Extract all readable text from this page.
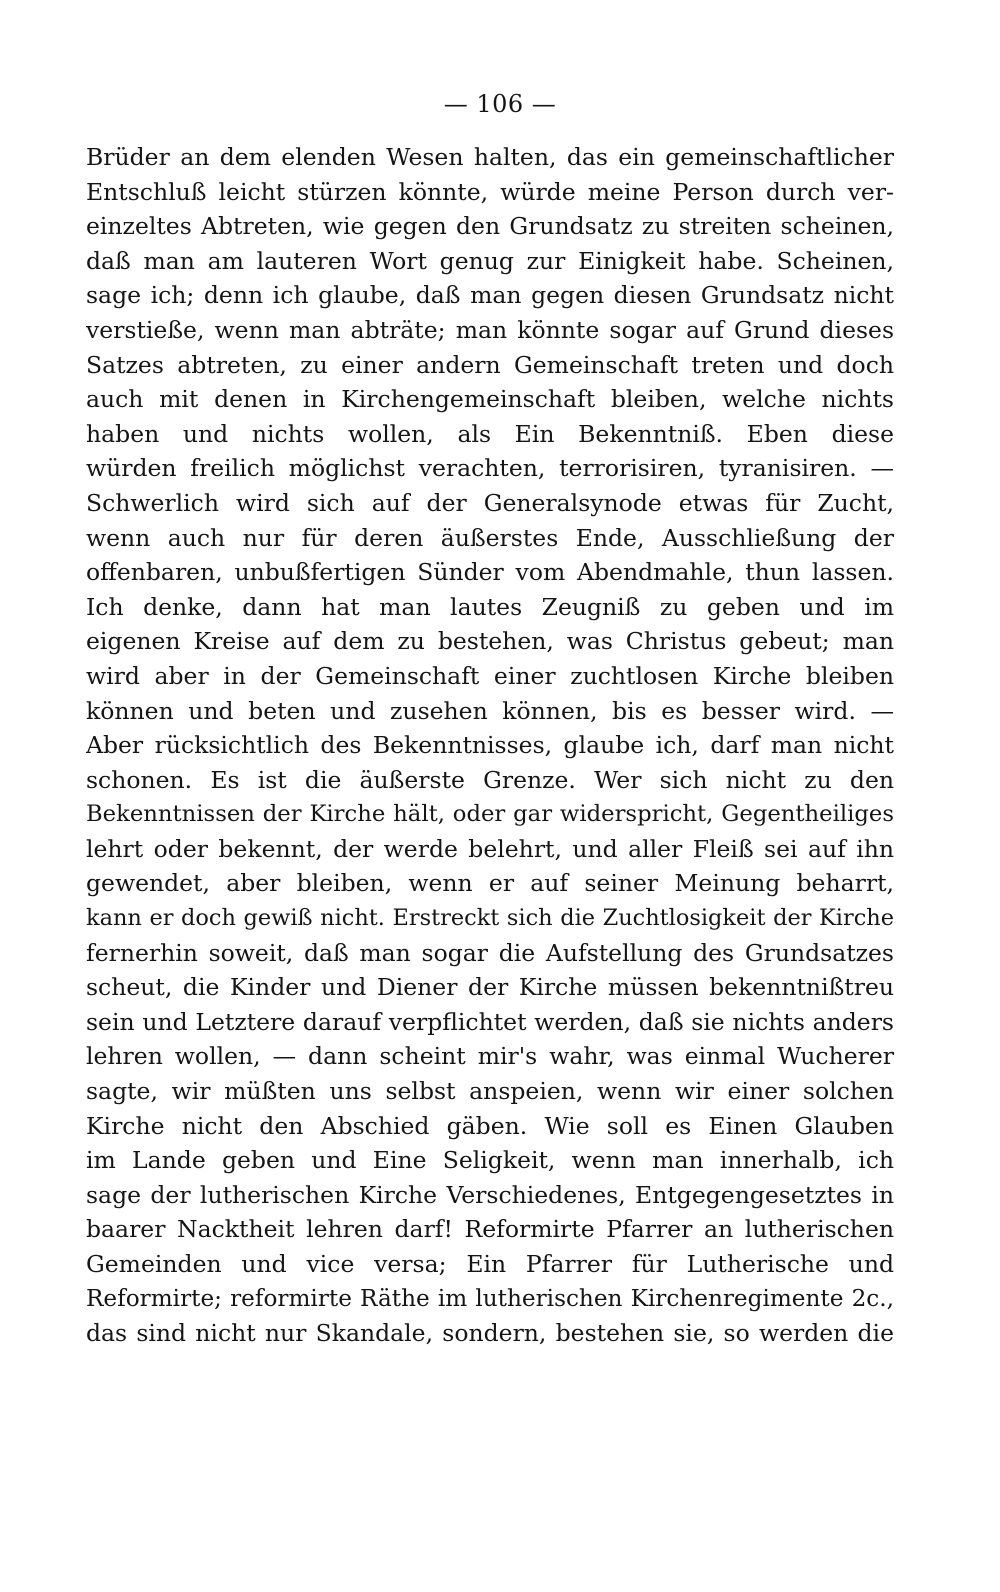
— 106 —
Brüder an dem elenden Wesen halten, das ein gemeinschaftlicher
Entschluß leicht stürzen könnte, würde meine Person durch ver-
einzeltes Abtreten, wie gegen den Grundsatz zu streiten scheinen,
daß man am lauteren Wort genug zur Einigkeit habe. Scheinen,
sage ich; denn ich glaube, daß man gegen diesen Grundsatz nicht
verstieße, wenn man abträte; man könnte sogar auf Grund dieses
Satzes abtreten, zu einer andern Gemeinschaft treten und doch
auch mit denen in Kirchengemeinschaft bleiben, welche nichts
haben und nichts wollen, als Ein Bekenntniß. Eben diese
würden freilich möglichst verachten, terrorisiren, tyranisiren. —
Schwerlich wird sich auf der Generalsynode etwas für Zucht,
wenn auch nur für deren äußerstes Ende, Ausschließung der
offenbaren, unbußfertigen Sünder vom Abendmahle, thun lassen.
Ich denke, dann hat man lautes Zeugniß zu geben und im
eigenen Kreise auf dem zu bestehen, was Christus gebeut; man
wird aber in der Gemeinschaft einer zuchtlosen Kirche bleiben
können und beten und zusehen können, bis es besser wird. —
Aber rücksichtlich des Bekenntnisses, glaube ich, darf man nicht
schonen. Es ist die äußerste Grenze. Wer sich nicht zu den
Bekenntnissen der Kirche hält, oder gar widerspricht, Gegentheiliges
lehrt oder bekennt, der werde belehrt, und aller Fleiß sei auf ihn
gewendet, aber bleiben, wenn er auf seiner Meinung beharrt,
kann er doch gewiß nicht. Erstreckt sich die Zuchtlosigkeit der Kirche
fernerhin soweit, daß man sogar die Aufstellung des Grundsatzes
scheut, die Kinder und Diener der Kirche müssen bekenntnißtreu
sein und Letztere darauf verpflichtet werden, daß sie nichts anders
lehren wollen, — dann scheint mir's wahr, was einmal Wucherer
sagte, wir müßten uns selbst anspeien, wenn wir einer solchen
Kirche nicht den Abschied gäben. Wie soll es Einen Glauben
im Lande geben und Eine Seligkeit, wenn man innerhalb, ich
sage der lutherischen Kirche Verschiedenes, Entgegengesetztes in
baarer Nacktheit lehren darf! Reformirte Pfarrer an lutherischen
Gemeinden und vice versa; Ein Pfarrer für Lutherische und
Reformirte; reformirte Räthe im lutherischen Kirchenregimente 2c.,
das sind nicht nur Skandale, sondern, bestehen sie, so werden die
